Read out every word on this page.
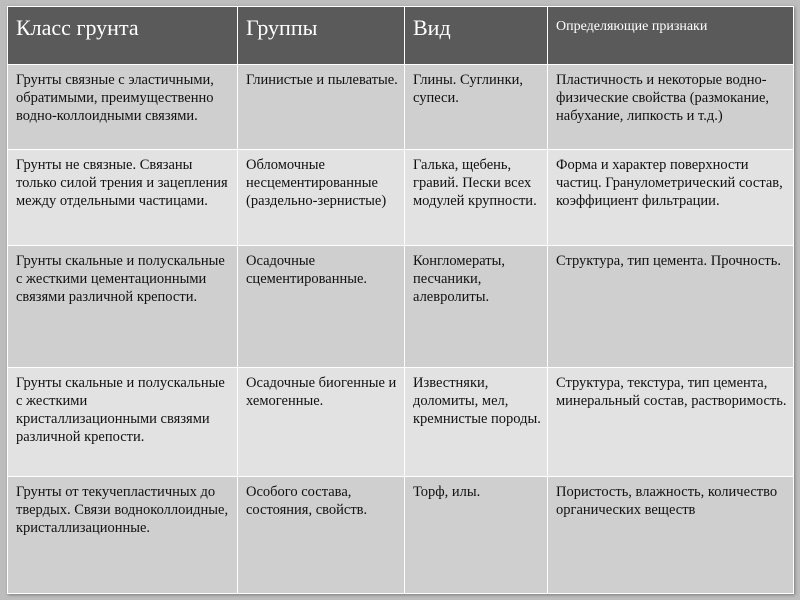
Класс грунта	Группы	Вид	Определяющие признаки
Грунты связные с эластичными, обратимыми, преимущественно водно-коллоидными связями.	Глинистые и пылеватые.	Глины. Суглинки, супеси.	Пластичность и некоторые водно-физические свойства (размокание, набухание, липкость и т.д.)
Грунты не связные. Связаны только силой трения и зацепления между отдельными частицами.	Обломочные несцементированные (раздельно-зернистые)	Галька, щебень, гравий. Пески всех модулей крупности.	Форма и характер поверхности частиц. Гранулометрический состав, коэффициент фильтрации.
Грунты скальные и полускальные с жесткими цементационными связями различной крепости.	Осадочные сцементированные.	Конгломераты, песчаники, алевролиты.	Структура, тип цемента. Прочность.
Грунты скальные и полускальные с жесткими кристаллизационными связями различной крепости.	Осадочные биогенные и хемогенные.	Известняки, доломиты, мел, кремнистые породы.	Структура, текстура, тип цемента, минеральный состав, растворимость.
Грунты от текучепластичных до твердых. Связи водноколлоидные, кристаллизационные.	Особого состава, состояния, свойств.	Торф, илы.	Пористость, влажность, количество органических веществ
